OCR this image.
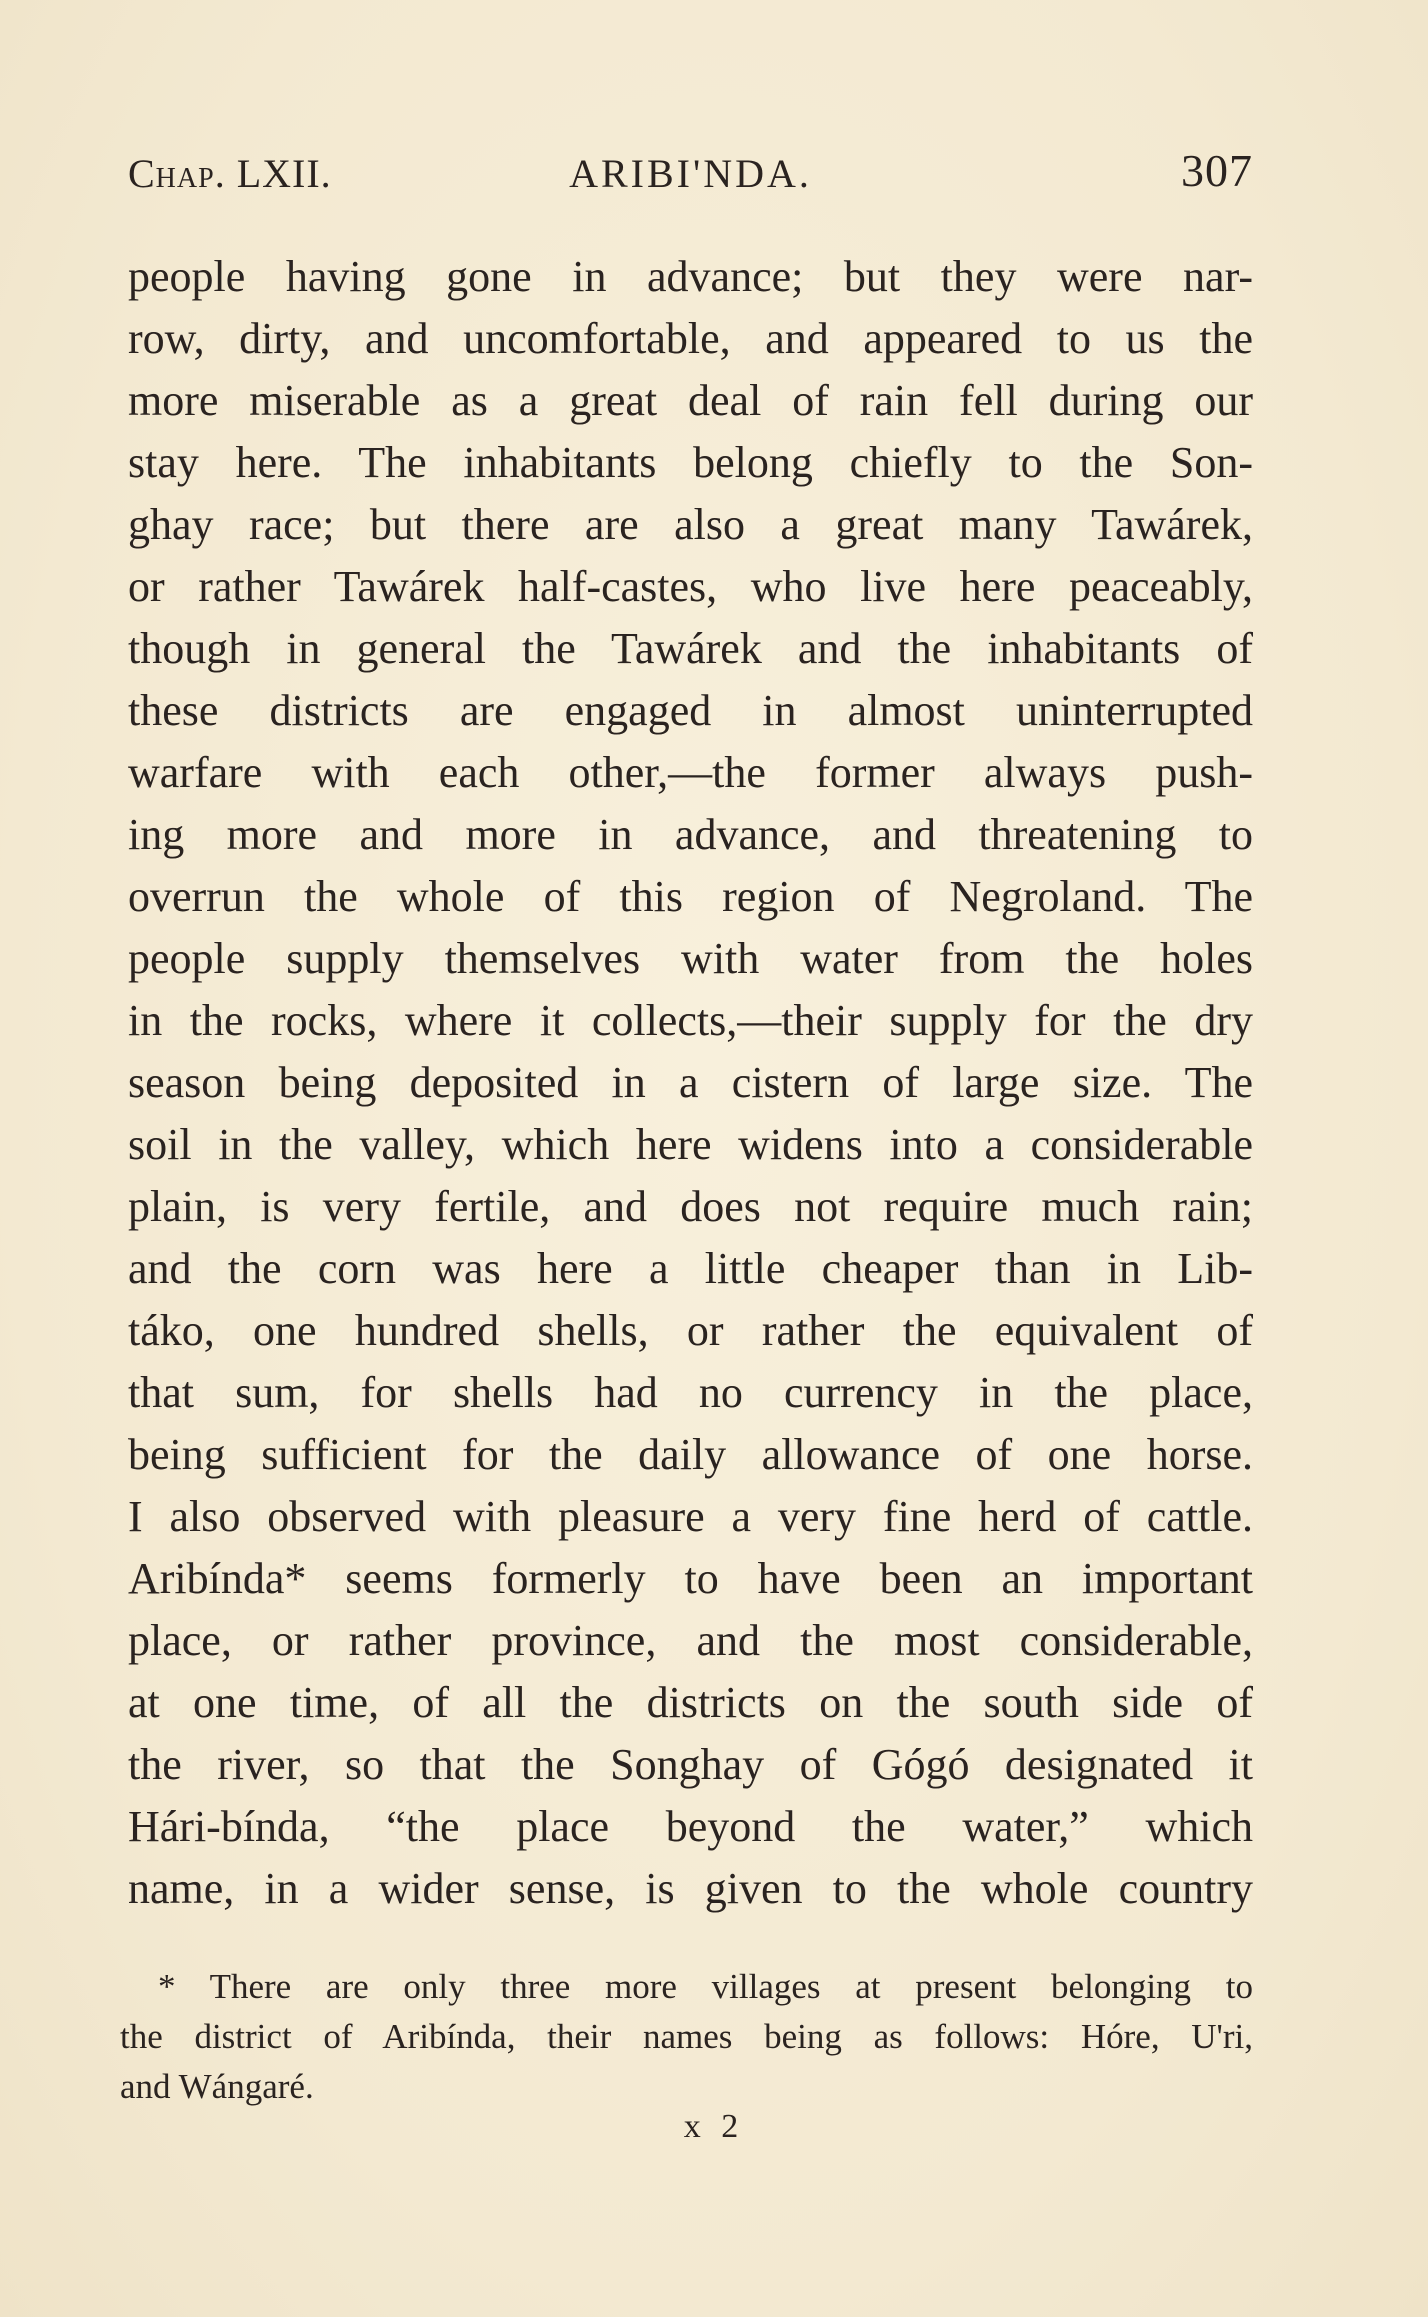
Chap. LXII.	ARIBI'NDA.	307
people having gone in advance; but they were nar-
row, dirty, and uncomfortable, and appeared to us the
more miserable as a great deal of rain fell during our
stay here. The inhabitants belong chiefly to the Son-
ghay race; but there are also a great many Tawárek,
or rather Tawárek half-castes, who live here peaceably,
though in general the Tawárek and the inhabitants of
these districts are engaged in almost uninterrupted
warfare with each other,—the former always push-
ing more and more in advance, and threatening to
overrun the whole of this region of Negroland. The
people supply themselves with water from the holes
in the rocks, where it collects,—their supply for the dry
season being deposited in a cistern of large size. The
soil in the valley, which here widens into a considerable
plain, is very fertile, and does not require much rain;
and the corn was here a little cheaper than in Lib-
táko, one hundred shells, or rather the equivalent of
that sum, for shells had no currency in the place,
being sufficient for the daily allowance of one horse.
I also observed with pleasure a very fine herd of cattle.
Aribínda* seems formerly to have been an important
place, or rather province, and the most considerable,
at one time, of all the districts on the south side of
the river, so that the Songhay of Gógó designated it
Hári-bínda, “the place beyond the water,” which
name, in a wider sense, is given to the whole country
* There are only three more villages at present belonging to
the district of Aribínda, their names being as follows: Hóre, U'ri,
and Wángaré.
x 2
